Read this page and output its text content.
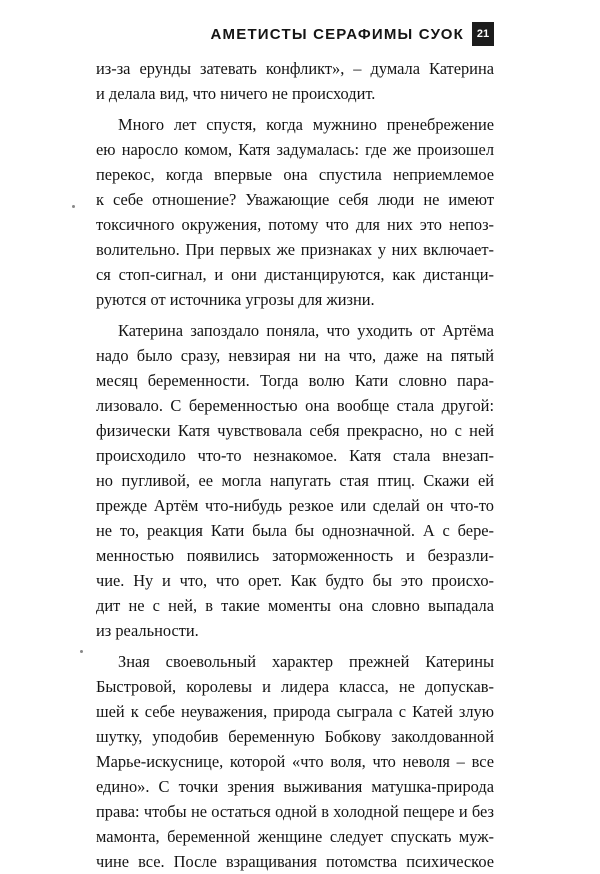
АМЕТИСТЫ СЕРАФИМЫ СУОК	21
из-за ерунды затевать конфликт», – думала Катерина
и делала вид, что ничего не происходит.
Много лет спустя, когда мужнино пренебрежение
ею наросло комом, Катя задумалась: где же произошел
перекос, когда впервые она спустила неприемлемое
к себе отношение? Уважающие себя люди не имеют
токсичного окружения, потому что для них это непоз-
волительно. При первых же признаках у них включает-
ся стоп-сигнал, и они дистанцируются, как дистанци-
руются от источника угрозы для жизни.
Катерина запоздало поняла, что уходить от Артёма
надо было сразу, невзирая ни на что, даже на пятый
месяц беременности. Тогда волю Кати словно пара-
лизовало. С беременностью она вообще стала другой:
физически Катя чувствовала себя прекрасно, но с ней
происходило что-то незнакомое. Катя стала внезап-
но пугливой, ее могла напугать стая птиц. Скажи ей
прежде Артём что-нибудь резкое или сделай он что-то
не то, реакция Кати была бы однозначной. А с бере-
менностью появились заторможенность и безразли-
чие. Ну и что, что орет. Как будто бы это происхо-
дит не с ней, в такие моменты она словно выпадала
из реальности.
Зная своевольный характер прежней Катерины
Быстровой, королевы и лидера класса, не допускав-
шей к себе неуважения, природа сыграла с Катей злую
шутку, уподобив беременную Бобкову заколдованной
Марье-искуснице, которой «что воля, что неволя – все
едино». С точки зрения выживания матушка-природа
права: чтобы не остаться одной в холодной пещере и без
мамонта, беременной женщине следует спускать муж-
чине все. После взращивания потомства психическое
